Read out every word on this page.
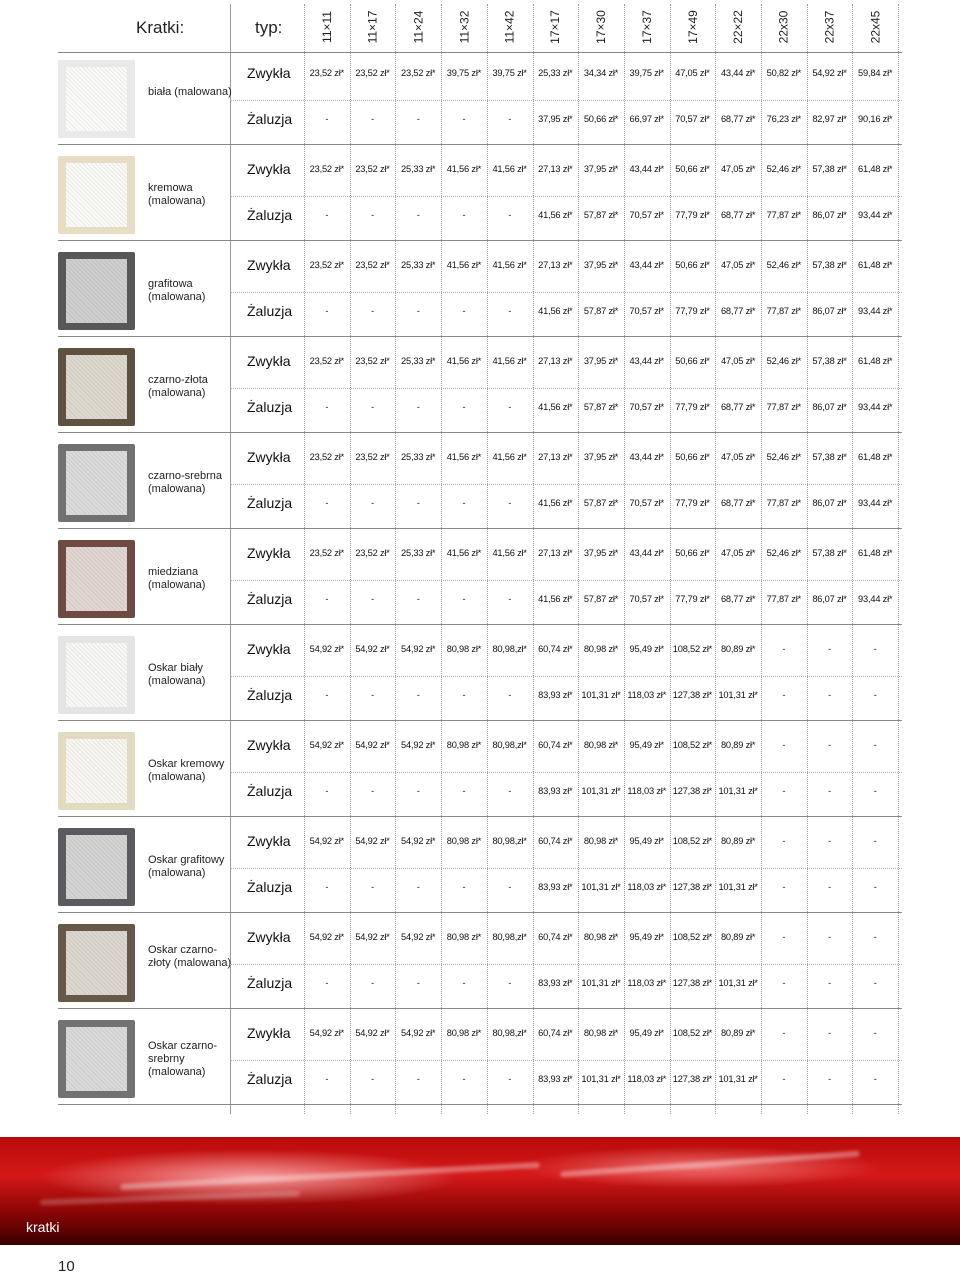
Kratki:	typ:	11×11	11×17	11×24	11×32	11×42	17×17	17×30	17×37	17×49	22×22	22x30	22x37	22x45
biała (malowana)
Zwykła	23,52 zł*	23,52 zł*	23,52 zł*	39,75 zł*	39,75 zł*	25,33 zł*	34,34 zł*	39,75 zł*	47,05 zł*	43,44 zł*	50,82 zł*	54,92 zł*	59,84 zł*
Żaluzja	-	-	-	-	-	37,95 zł*	50,66 zł*	66,97 zł*	70,57 zł*	68,77 zł*	76,23 zł*	82,97 zł*	90,16 zł*
kremowa (malowana)
Zwykła	23,52 zł*	23,52 zł*	25,33 zł*	41,56 zł*	41,56 zł*	27,13 zł*	37,95 zł*	43,44 zł*	50,66 zł*	47,05 zł*	52,46 zł*	57,38 zł*	61,48 zł*
Żaluzja	-	-	-	-	-	41,56 zł*	57,87 zł*	70,57 zł*	77,79 zł*	68,77 zł*	77,87 zł*	86,07 zł*	93,44 zł*
grafitowa (malowana)
Zwykła	23,52 zł*	23,52 zł*	25,33 zł*	41,56 zł*	41,56 zł*	27,13 zł*	37,95 zł*	43,44 zł*	50,66 zł*	47,05 zł*	52,46 zł*	57,38 zł*	61,48 zł*
Żaluzja	-	-	-	-	-	41,56 zł*	57,87 zł*	70,57 zł*	77,79 zł*	68,77 zł*	77,87 zł*	86,07 zł*	93,44 zł*
czarno-złota (malowana)
Zwykła	23,52 zł*	23,52 zł*	25,33 zł*	41,56 zł*	41,56 zł*	27,13 zł*	37,95 zł*	43,44 zł*	50,66 zł*	47,05 zł*	52,46 zł*	57,38 zł*	61,48 zł*
Żaluzja	-	-	-	-	-	41,56 zł*	57,87 zł*	70,57 zł*	77,79 zł*	68,77 zł*	77,87 zł*	86,07 zł*	93,44 zł*
czarno-srebrna (malowana)
Zwykła	23,52 zł*	23,52 zł*	25,33 zł*	41,56 zł*	41,56 zł*	27,13 zł*	37,95 zł*	43,44 zł*	50,66 zł*	47,05 zł*	52,46 zł*	57,38 zł*	61,48 zł*
Żaluzja	-	-	-	-	-	41,56 zł*	57,87 zł*	70,57 zł*	77,79 zł*	68,77 zł*	77,87 zł*	86,07 zł*	93,44 zł*
miedziana (malowana)
Zwykła	23,52 zł*	23,52 zł*	25,33 zł*	41,56 zł*	41,56 zł*	27,13 zł*	37,95 zł*	43,44 zł*	50,66 zł*	47,05 zł*	52,46 zł*	57,38 zł*	61,48 zł*
Żaluzja	-	-	-	-	-	41,56 zł*	57,87 zł*	70,57 zł*	77,79 zł*	68,77 zł*	77,87 zł*	86,07 zł*	93,44 zł*
Oskar biały (malowana)
Zwykła	54,92 zł*	54,92 zł*	54,92 zł*	80,98 zł*	80,98,zł*	60,74 zł*	80,98 zł*	95,49 zł* 108,52 zł* 80,89 zł*	-	-	-
Żaluzja	-	-	-	-	-	83,93 zł* 101,31 zł* 118,03 zł* 127,38 zł* 101,31 zł*	-	-	-
Oskar kremowy (malowana)
Zwykła	54,92 zł*	54,92 zł*	54,92 zł*	80,98 zł*	80,98,zł*	60,74 zł*	80,98 zł*	95,49 zł* 108,52 zł* 80,89 zł*	-	-	-
Żaluzja	-	-	-	-	-	83,93 zł* 101,31 zł* 118,03 zł* 127,38 zł* 101,31 zł*	-	-	-
Oskar grafitowy (malowana)
Zwykła	54,92 zł*	54,92 zł*	54,92 zł*	80,98 zł*	80,98,zł*	60,74 zł*	80,98 zł*	95,49 zł* 108,52 zł* 80,89 zł*	-	-	-
Żaluzja	-	-	-	-	-	83,93 zł* 101,31 zł* 118,03 zł* 127,38 zł* 101,31 zł*	-	-	-
Oskar czarno-złoty (malowana)
Zwykła	54,92 zł*	54,92 zł*	54,92 zł*	80,98 zł*	80,98,zł*	60,74 zł*	80,98 zł*	95,49 zł* 108,52 zł* 80,89 zł*	-	-	-
Żaluzja	-	-	-	-	-	83,93 zł* 101,31 zł* 118,03 zł* 127,38 zł* 101,31 zł*	-	-	-
Oskar czarno-srebrny (malowana)
Zwykła	54,92 zł*	54,92 zł*	54,92 zł*	80,98 zł*	80,98,zł*	60,74 zł*	80,98 zł*	95,49 zł* 108,52 zł* 80,89 zł*	-	-	-
Żaluzja	-	-	-	-	-	83,93 zł* 101,31 zł* 118,03 zł* 127,38 zł* 101,31 zł*	-	-	-
kratki
10
